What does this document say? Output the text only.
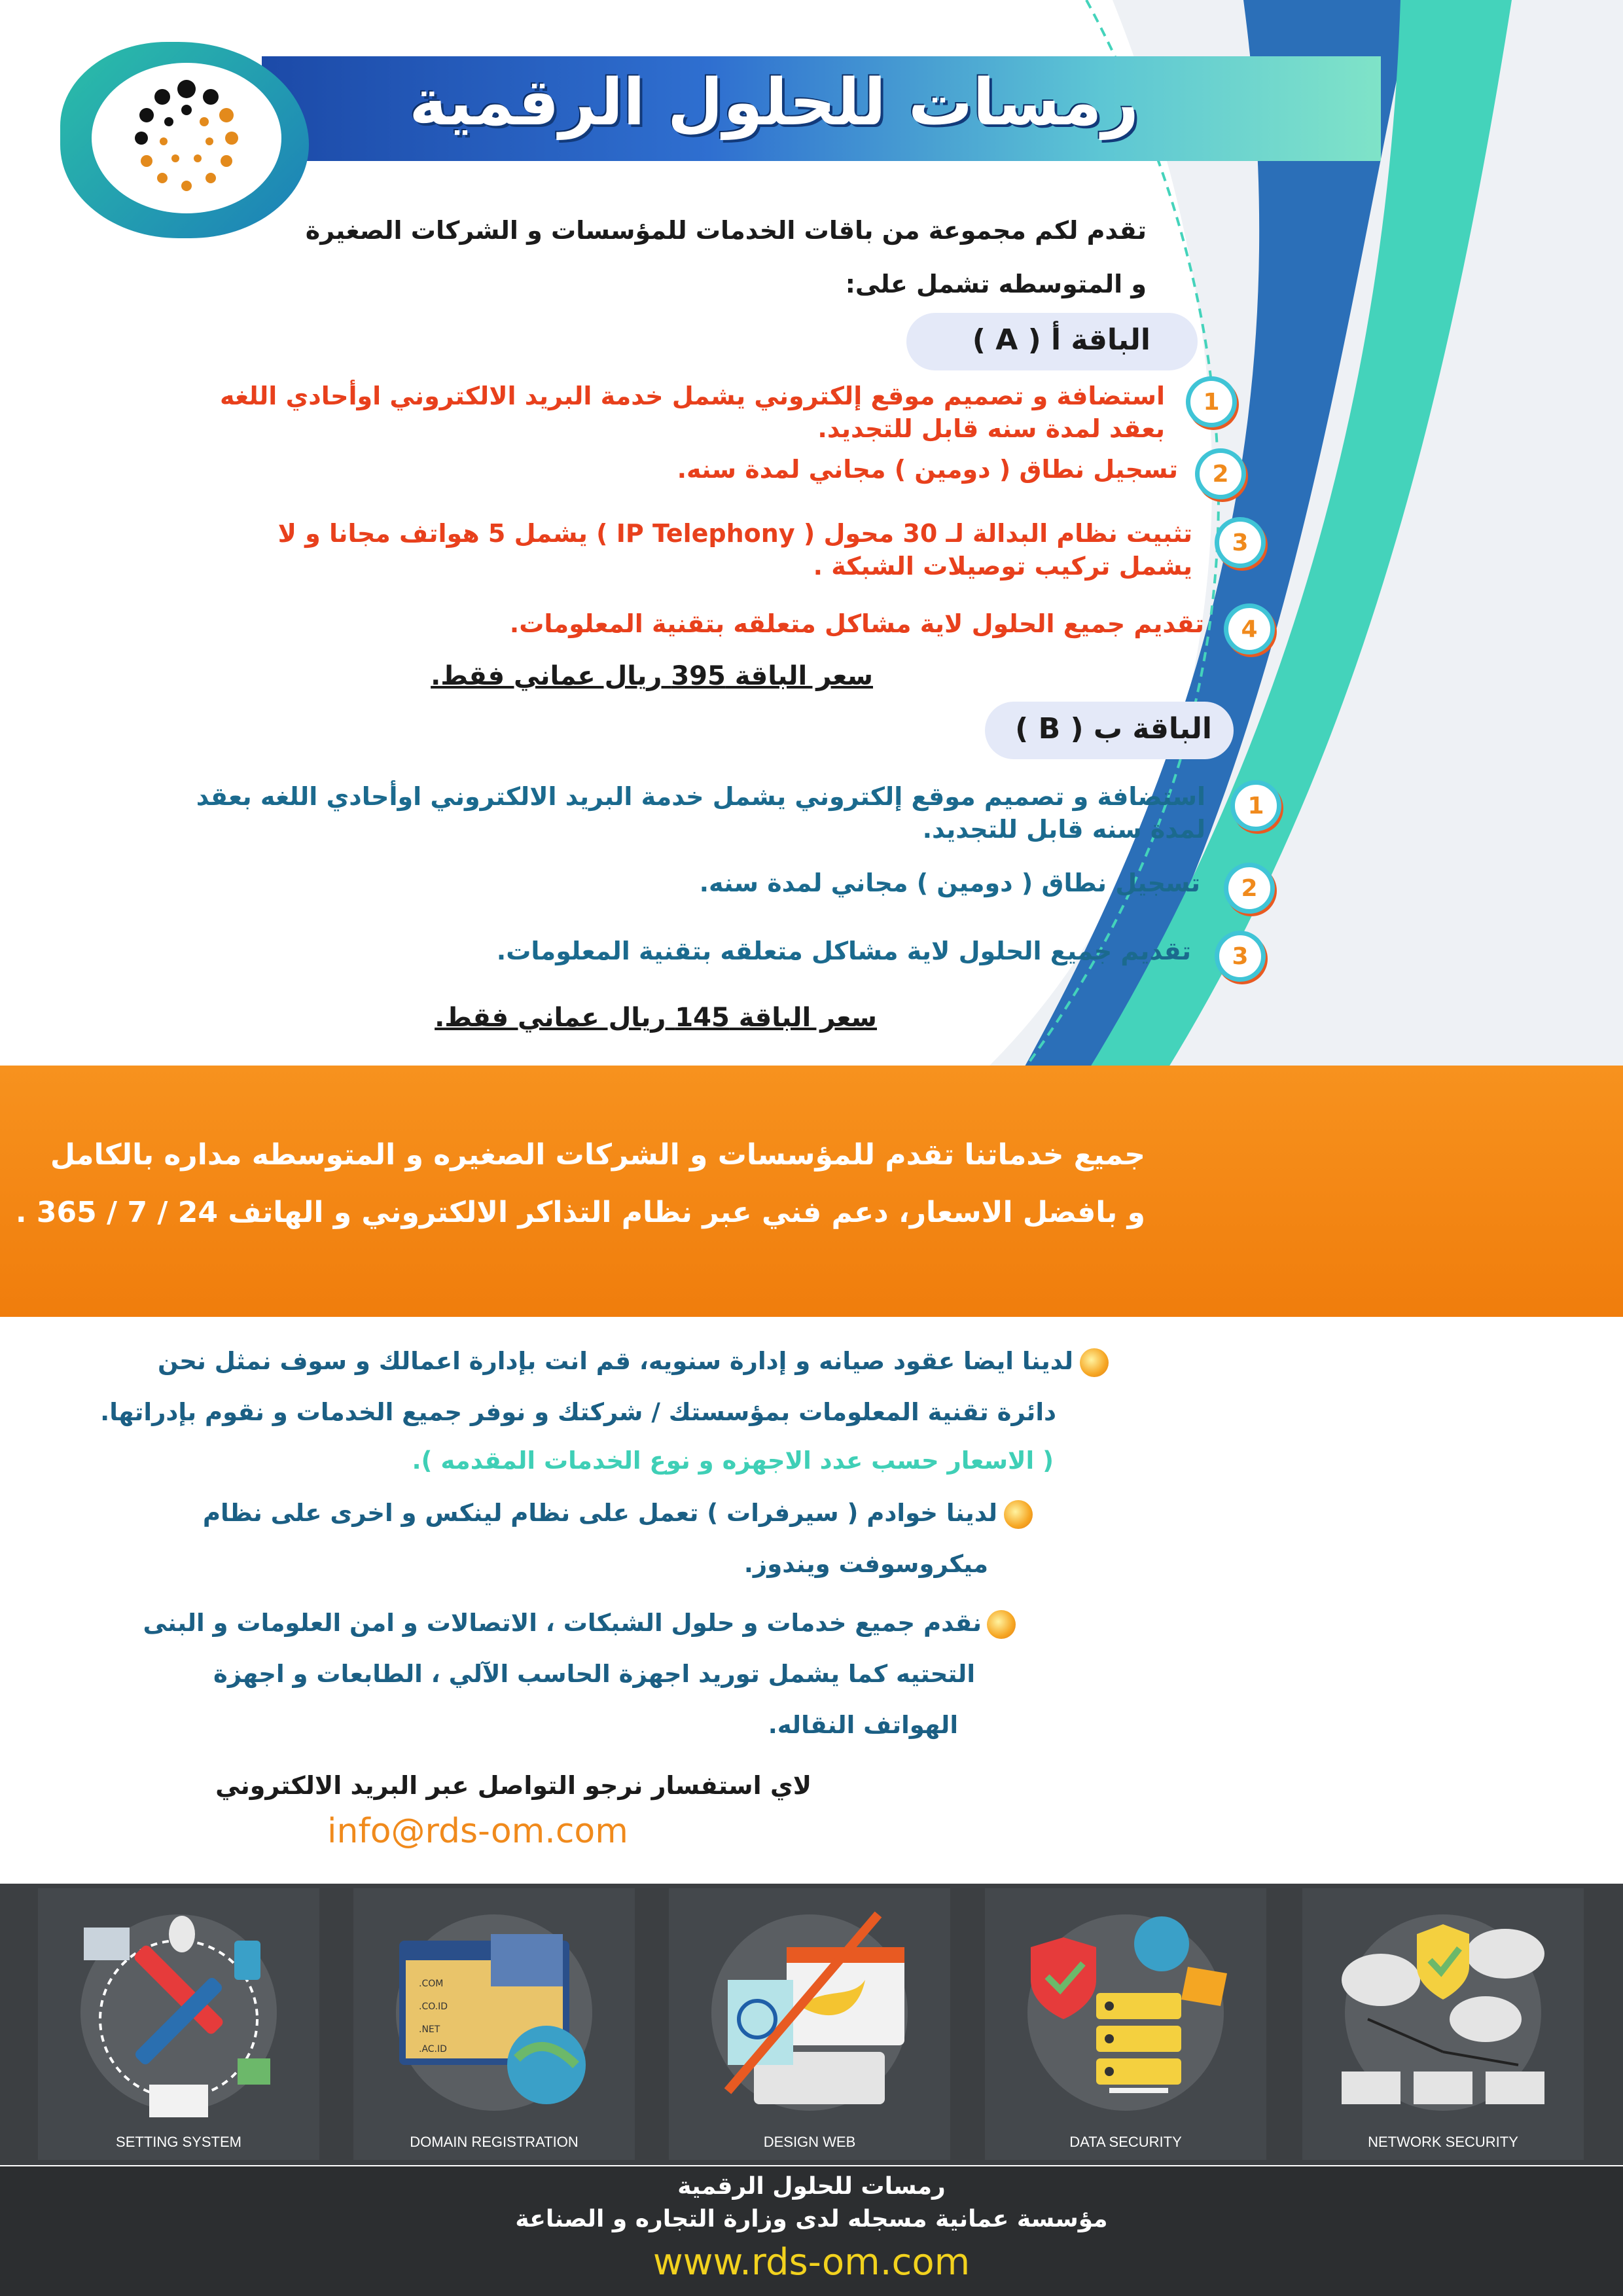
رمسات للحلول الرقمية
تقدم لكم مجموعة من باقات الخدمات للمؤسسات و الشركات الصغيرة
و المتوسطه تشمل على:
الباقة أ ( A )
1
استضافة و تصميم موقع إلكتروني يشمل خدمة البريد الالكتروني اوأحادي اللغه
بعقد لمدة سنه قابل للتجديد.
2
تسجيل نطاق ( دومين ) مجاني لمدة سنه.
3
تثبيت نظام البدالة لـ 30 محول ( IP Telephony ) يشمل 5 هواتف مجانا و لا
يشمل تركيب توصيلات الشبكة .
4
تقديم جميع الحلول لاية مشاكل متعلقه بتقنية المعلومات.
سعر الباقة 395 ريال عماني فقط.
الباقة ب ( B )
1
استضافة و تصميم موقع إلكتروني يشمل خدمة البريد الالكتروني اوأحادي اللغه بعقد
لمدة سنه قابل للتجديد.
2
تسجيل نطاق ( دومين ) مجاني لمدة سنه.
3
تقديم جميع الحلول لاية مشاكل متعلقه بتقنية المعلومات.
سعر الباقة 145 ريال عماني فقط.
جميع خدماتنا تقدم للمؤسسات و الشركات الصغيره و المتوسطه مداره بالكامل
و بافضل الاسعار، دعم فني عبر نظام التذاكر الالكتروني و الهاتف 24 / 7 / 365 .
لدينا ايضا عقود صيانه و إدارة سنويه، قم انت بإدارة اعمالك و سوف نمثل نحن
دائرة تقنية المعلومات بمؤسستك / شركتك و نوفر جميع الخدمات و نقوم بإدراتها.
( الاسعار حسب عدد الاجهزه و نوع الخدمات المقدمه ).
لدينا خوادم ( سيرفرات ) تعمل على نظام لينكس و اخرى على نظام
ميكروسوفت ويندوز.
نقدم جميع خدمات و حلول الشبكات ، الاتصالات و امن العلومات و البنى
التحتيه كما يشمل توريد اجهزة الحاسب الآلي ، الطابعات و اجهزة
الهواتف النقاله.
لاي استفسار نرجو التواصل عبر البريد الالكتروني
info@rds-om.com
SETTING SYSTEM
.COM
.CO.ID
.NET
.AC.ID
DOMAIN REGISTRATION	DESIGN WEB	DATA SECURITY	NETWORK SECURITY
رمسات للحلول الرقمية
مؤسسة عمانية مسجله لدى وزارة التجاره و الصناعة
www.rds-om.com
